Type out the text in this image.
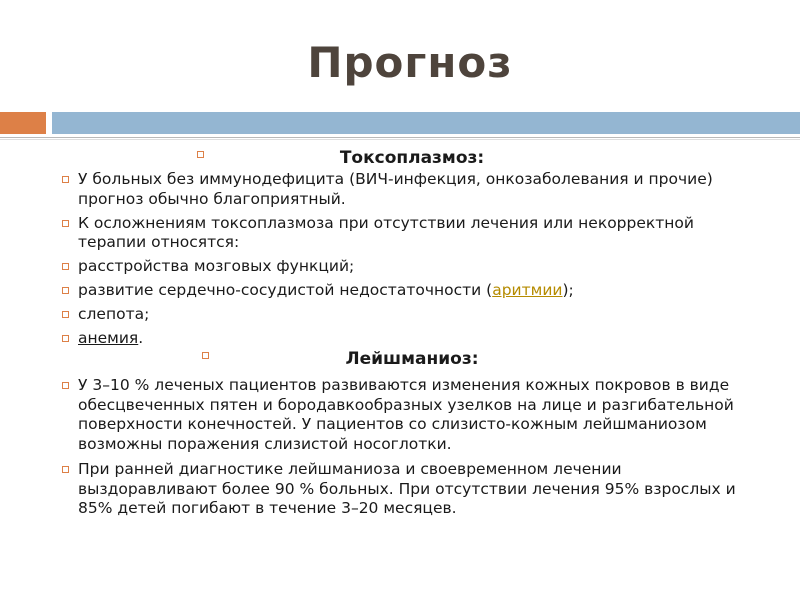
Прогноз
Токсоплазмоз:
У больных без иммунодефицита (ВИЧ-инфекция, онкозаболевания и прочие) прогноз обычно благоприятный.
К осложнениям токсоплазмоза при отсутствии лечения или некорректной терапии относятся:
расстройства мозговых функций;
развитие сердечно-сосудистой недостаточности (аритмии);
слепота;
анемия.
Лейшманиоз:
У 3–10 % леченых пациентов развиваются изменения кожных покровов в виде обесцвеченных пятен и бородавкообразных узелков на лице и разгибательной поверхности конечностей. У пациентов со слизисто-кожным лейшманиозом возможны поражения слизистой носоглотки.
При ранней диагностике лейшманиоза и своевременном лечении выздоравливают более 90 % больных. При отсутствии лечения 95% взрослых и 85% детей погибают в течение 3–20 месяцев.
